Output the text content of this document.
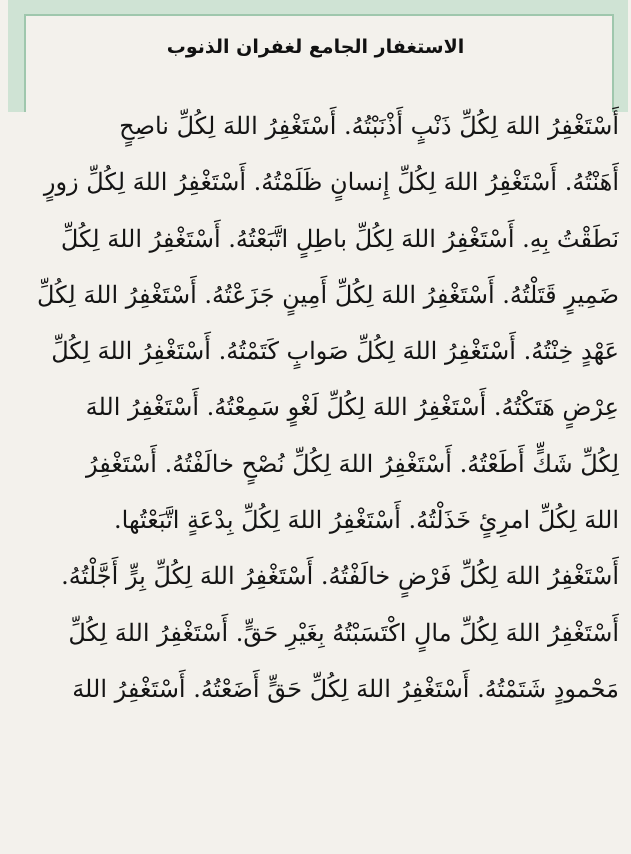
الاستغفار الجامع لغفران الذنوب
أَسْتَغْفِرُ اللهَ لِكُلِّ ذَنْبٍ أَذْنَبْتُهُ. أَسْتَغْفِرُ اللهَ لِكُلِّ ناصِحٍ
أَهَنْتُهُ. أَسْتَغْفِرُ اللهَ لِكُلِّ إِنسانٍ ظَلَمْتُهُ. أَسْتَغْفِرُ اللهَ لِكُلِّ زورٍ
نَطَقْتُ بِهِ. أَسْتَغْفِرُ اللهَ لِكُلِّ باطِلٍ اتَّبَعْتُهُ. أَسْتَغْفِرُ اللهَ لِكُلِّ
ضَمِيرٍ قَتَلْتُهُ. أَسْتَغْفِرُ اللهَ لِكُلِّ أَمِينٍ جَزَعْتُهُ. أَسْتَغْفِرُ اللهَ لِكُلِّ
عَهْدٍ خِنْتُهُ. أَسْتَغْفِرُ اللهَ لِكُلِّ صَوابٍ كَتَمْتُهُ. أَسْتَغْفِرُ اللهَ لِكُلِّ
عِرْضٍ هَتَكْتُهُ. أَسْتَغْفِرُ اللهَ لِكُلِّ لَغْوٍ سَمِعْتُهُ. أَسْتَغْفِرُ اللهَ
لِكُلِّ شَكٍّ أَطَعْتُهُ. أَسْتَغْفِرُ اللهَ لِكُلِّ نُصْحٍ خالَفْتُهُ. أَسْتَغْفِرُ
اللهَ لِكُلِّ امرِئٍ خَذَلْتُهُ. أَسْتَغْفِرُ اللهَ لِكُلِّ بِدْعَةٍ اتَّبَعْتُها.
أَسْتَغْفِرُ اللهَ لِكُلِّ فَرْضٍ خالَفْتُهُ. أَسْتَغْفِرُ اللهَ لِكُلِّ بِرٍّ أَجَّلْتُهُ.
أَسْتَغْفِرُ اللهَ لِكُلِّ مالٍ اكْتَسَبْتُهُ بِغَيْرِ حَقٍّ. أَسْتَغْفِرُ اللهَ لِكُلِّ
مَحْمودٍ شَتَمْتُهُ. أَسْتَغْفِرُ اللهَ لِكُلِّ حَقٍّ أَضَعْتُهُ. أَسْتَغْفِرُ اللهَ
